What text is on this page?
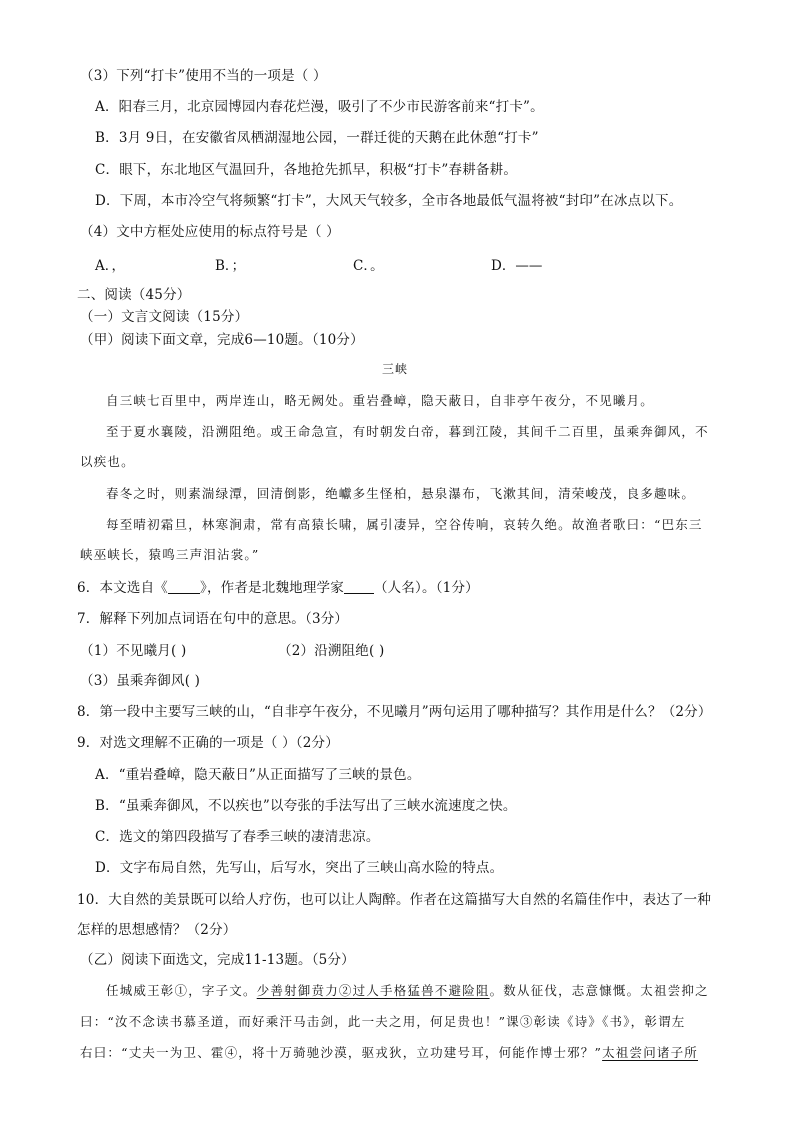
（3）下列“打卡”使用不当的一项是（ ）
A．阳春三月，北京园博园内春花烂漫，吸引了不少市民游客前来“打卡”。
B．3月 9日，在安徽省凤栖湖湿地公园，一群迁徙的天鹅在此休憩“打卡”
C．眼下，东北地区气温回升，各地抢先抓早，积极“打卡”春耕备耕。
D．下周，本市冷空气将频繁“打卡”，大风天气较多，全市各地最低气温将被“封印”在冰点以下。
（4）文中方框处应使用的标点符号是（ ）
A．，	B．；	C．。	D．——
二、阅读（45分）
（一）文言文阅读（15分）
（甲）阅读下面文章，完成6—10题。（10分）
三峡
自三峡七百里中，两岸连山，略无阙处。重岩叠嶂，隐天蔽日，自非亭午夜分，不见曦月。
至于夏水襄陵，沿溯阻绝。或王命急宣，有时朝发白帝，暮到江陵，其间千二百里，虽乘奔御风，不
以疾也。
春冬之时，则素湍绿潭，回清倒影，绝巘多生怪柏，悬泉瀑布，飞漱其间，清荣峻茂，良多趣味。
每至晴初霜旦，林寒涧肃，常有高猿长啸，属引凄异，空谷传响，哀转久绝。故渔者歌曰：“巴东三
峡巫峡长，猿鸣三声泪沾裳。”
6．本文选自《 》，作者是北魏地理学家 （人名）。（1分）
7．解释下列加点词语在句中的意思。（3分）
（1）不见曦月( )	（2）沿溯阻绝( )
（3）虽乘奔御风( )
8．第一段中主要写三峡的山，“自非亭午夜分，不见曦月”两句运用了哪种描写？其作用是什么？（2分）
9．对选文理解不正确的一项是（ ）（2分）
A．“重岩叠嶂，隐天蔽日”从正面描写了三峡的景色。
B．“虽乘奔御风，不以疾也”以夸张的手法写出了三峡水流速度之快。
C．选文的第四段描写了春季三峡的凄清悲凉。
D．文字布局自然，先写山，后写水，突出了三峡山高水险的特点。
10．大自然的美景既可以给人疗伤，也可以让人陶醉。作者在这篇描写大自然的名篇佳作中，表达了一种
怎样的思想感情？（2分）
（乙）阅读下面选文，完成11-13题。（5分）
任城威王彰①，字子文。少善射御贲力②过人手格猛兽不避险阻。数从征伐，志意慷慨。太祖尝抑之
曰：“汝不念读书慕圣道，而好乘汗马击剑，此一夫之用，何足贵也！”课③彰读《诗》《书》，彰谓左
右曰：“丈夫一为卫、霍④，将十万骑驰沙漠，驱戎狄，立功建号耳，何能作博士邪？”太祖尝问诸子所
